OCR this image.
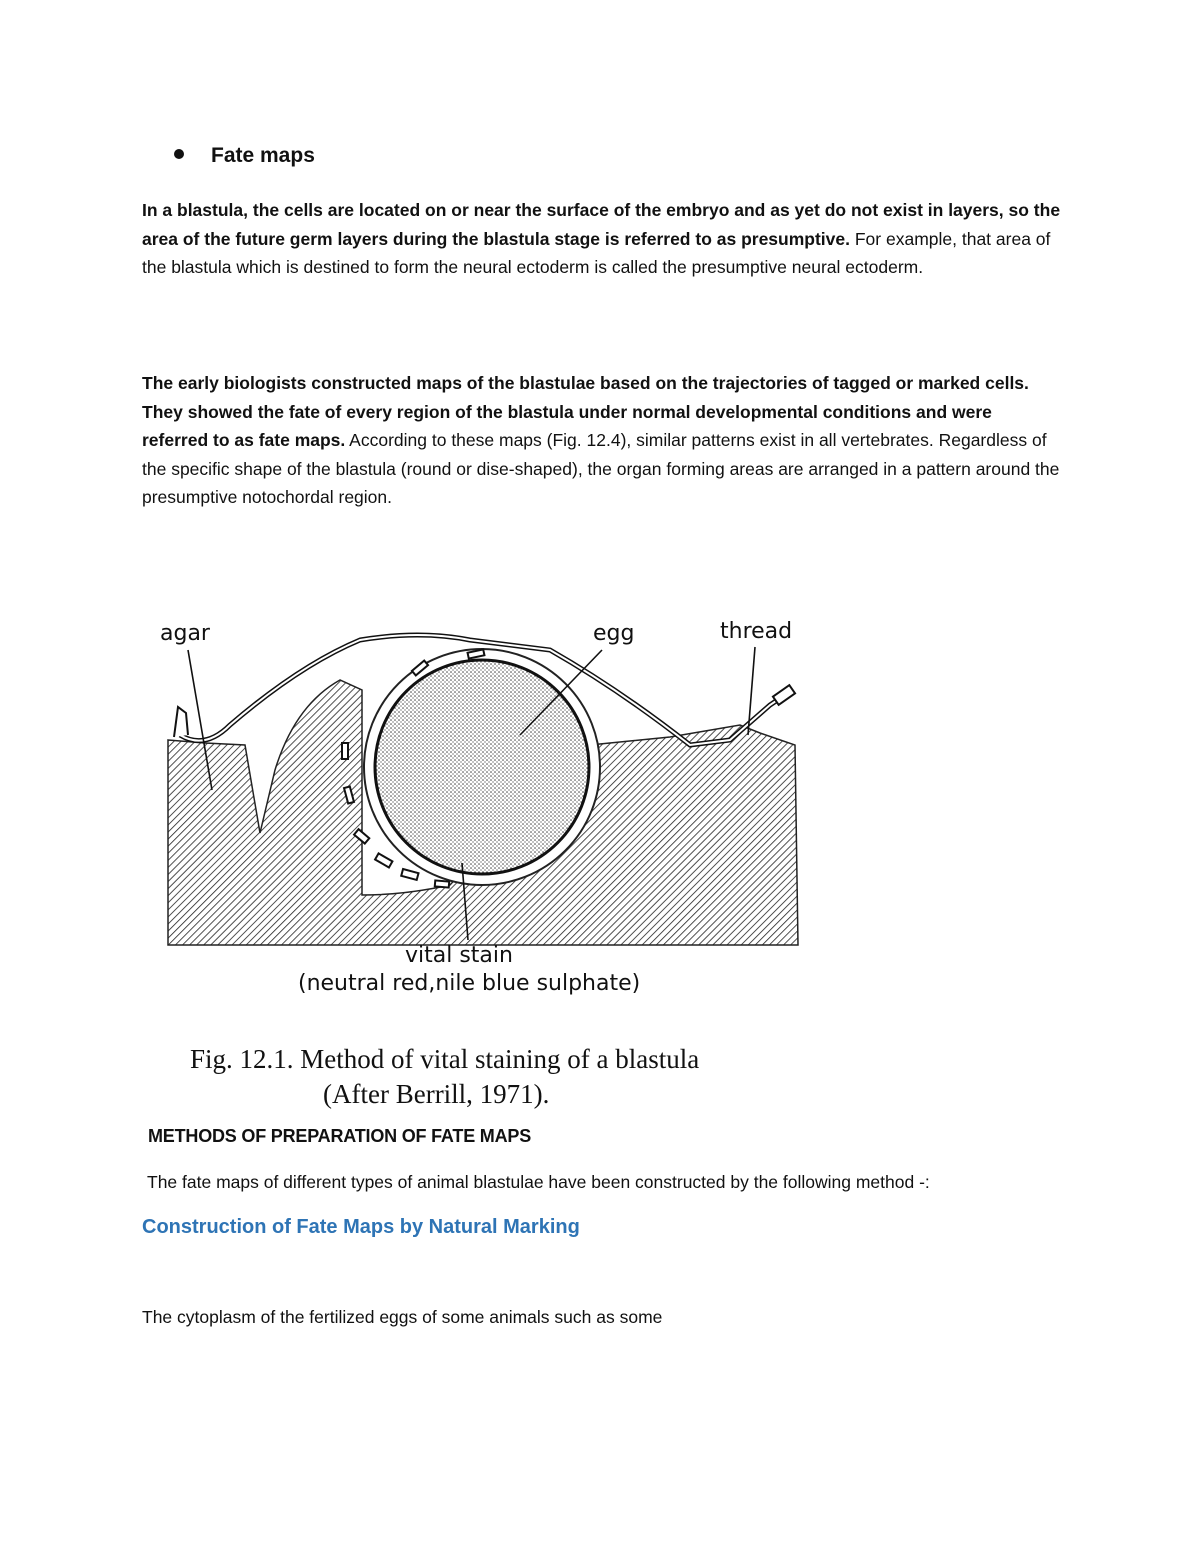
Fate maps
In a blastula, the cells are located on or near the surface of the embryo and as yet do not exist in layers, so the area of the future germ layers during the blastula stage is referred to as presumptive. For example, that area of the blastula which is destined to form the neural ectoderm is called the presumptive neural ectoderm.
The early biologists constructed maps of the blastulae based on the trajectories of tagged or marked cells. They showed the fate of every region of the blastula under normal developmental conditions and were referred to as fate maps. According to these maps (Fig. 12.4), similar patterns exist in all vertebrates. Regardless of the specific shape of the blastula (round or dise-shaped), the organ forming areas are arranged in a pattern around the presumptive notochordal region.
agar	egg	thread
vital stain
(neutral red,nile blue sulphate)
Fig. 12.1. Method of vital staining of a blastula
(After Berrill, 1971).
METHODS OF PREPARATION OF FATE MAPS
The fate maps of different types of animal blastulae have been constructed by the following method -:
Construction of Fate Maps by Natural Marking
The cytoplasm of the fertilized eggs of some animals such as some
